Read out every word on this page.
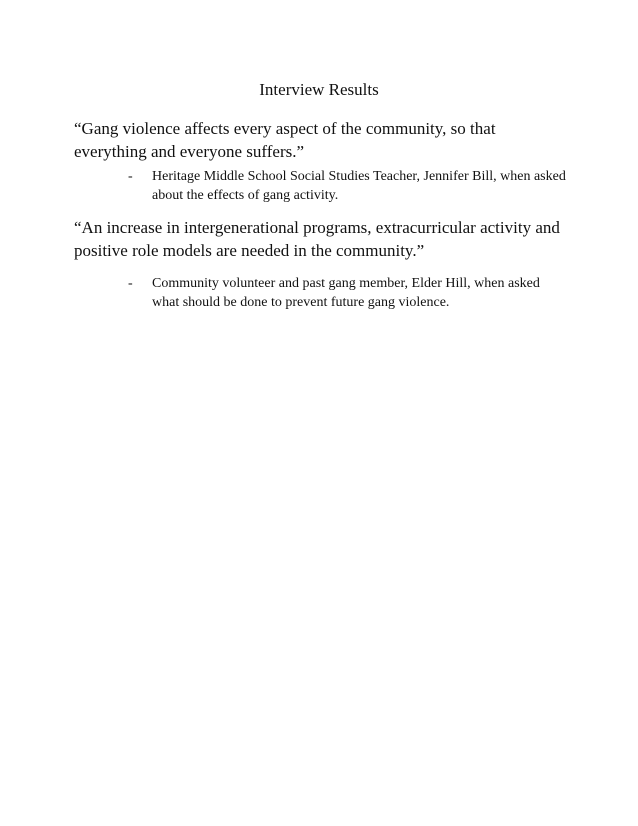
Interview Results

“Gang violence affects every aspect of the community, so that everything and everyone suffers.”

-	Heritage Middle School Social Studies Teacher, Jennifer Bill, when asked about the effects of gang activity.

“An increase in intergenerational programs, extracurricular activity and positive role models are needed in the community.”

-	Community volunteer and past gang member, Elder Hill, when asked what should be done to prevent future gang violence.
